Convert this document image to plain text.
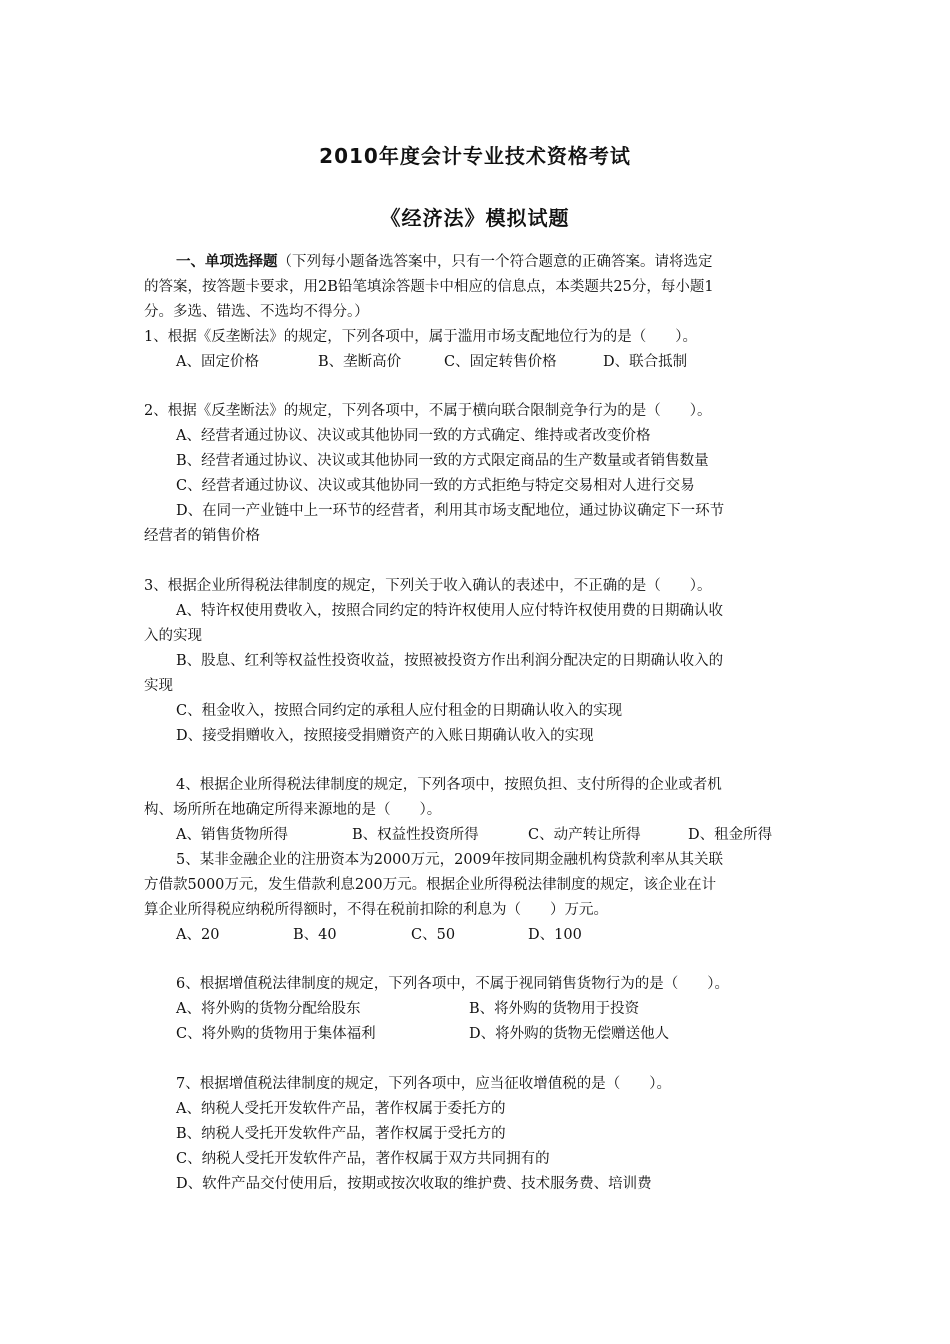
2010年度会计专业技术资格考试
《经济法》模拟试题
一、单项选择题（下列每小题备选答案中，只有一个符合题意的正确答案。请将选定
的答案，按答题卡要求，用2B铅笔填涂答题卡中相应的信息点，本类题共25分，每小题1
分。多选、错选、不选均不得分。）
1、根据《反垄断法》的规定，下列各项中，属于滥用市场支配地位行为的是（　　）。
A、固定价格	B、垄断高价	C、固定转售价格	D、联合抵制
2、根据《反垄断法》的规定，下列各项中，不属于横向联合限制竞争行为的是（　　）。
A、经营者通过协议、决议或其他协同一致的方式确定、维持或者改变价格
B、经营者通过协议、决议或其他协同一致的方式限定商品的生产数量或者销售数量
C、经营者通过协议、决议或其他协同一致的方式拒绝与特定交易相对人进行交易
D、在同一产业链中上一环节的经营者，利用其市场支配地位，通过协议确定下一环节
经营者的销售价格
3、根据企业所得税法律制度的规定，下列关于收入确认的表述中，不正确的是（　　）。
A、特许权使用费收入，按照合同约定的特许权使用人应付特许权使用费的日期确认收
入的实现
B、股息、红利等权益性投资收益，按照被投资方作出利润分配决定的日期确认收入的
实现
C、租金收入，按照合同约定的承租人应付租金的日期确认收入的实现
D、接受捐赠收入，按照接受捐赠资产的入账日期确认收入的实现
4、根据企业所得税法律制度的规定，下列各项中，按照负担、支付所得的企业或者机
构、场所所在地确定所得来源地的是（　　）。
A、销售货物所得	B、权益性投资所得	C、动产转让所得	D、租金所得
5、某非金融企业的注册资本为2000万元，2009年按同期金融机构贷款利率从其关联
方借款5000万元，发生借款利息200万元。根据企业所得税法律制度的规定，该企业在计
算企业所得税应纳税所得额时，不得在税前扣除的利息为（　　）万元。
A、20	B、40	C、50	D、100
6、根据增值税法律制度的规定，下列各项中，不属于视同销售货物行为的是（　　）。
A、将外购的货物分配给股东	B、将外购的货物用于投资
C、将外购的货物用于集体福利	D、将外购的货物无偿赠送他人
7、根据增值税法律制度的规定，下列各项中，应当征收增值税的是（　　）。
A、纳税人受托开发软件产品，著作权属于委托方的
B、纳税人受托开发软件产品，著作权属于受托方的
C、纳税人受托开发软件产品，著作权属于双方共同拥有的
D、软件产品交付使用后，按期或按次收取的维护费、技术服务费、培训费
